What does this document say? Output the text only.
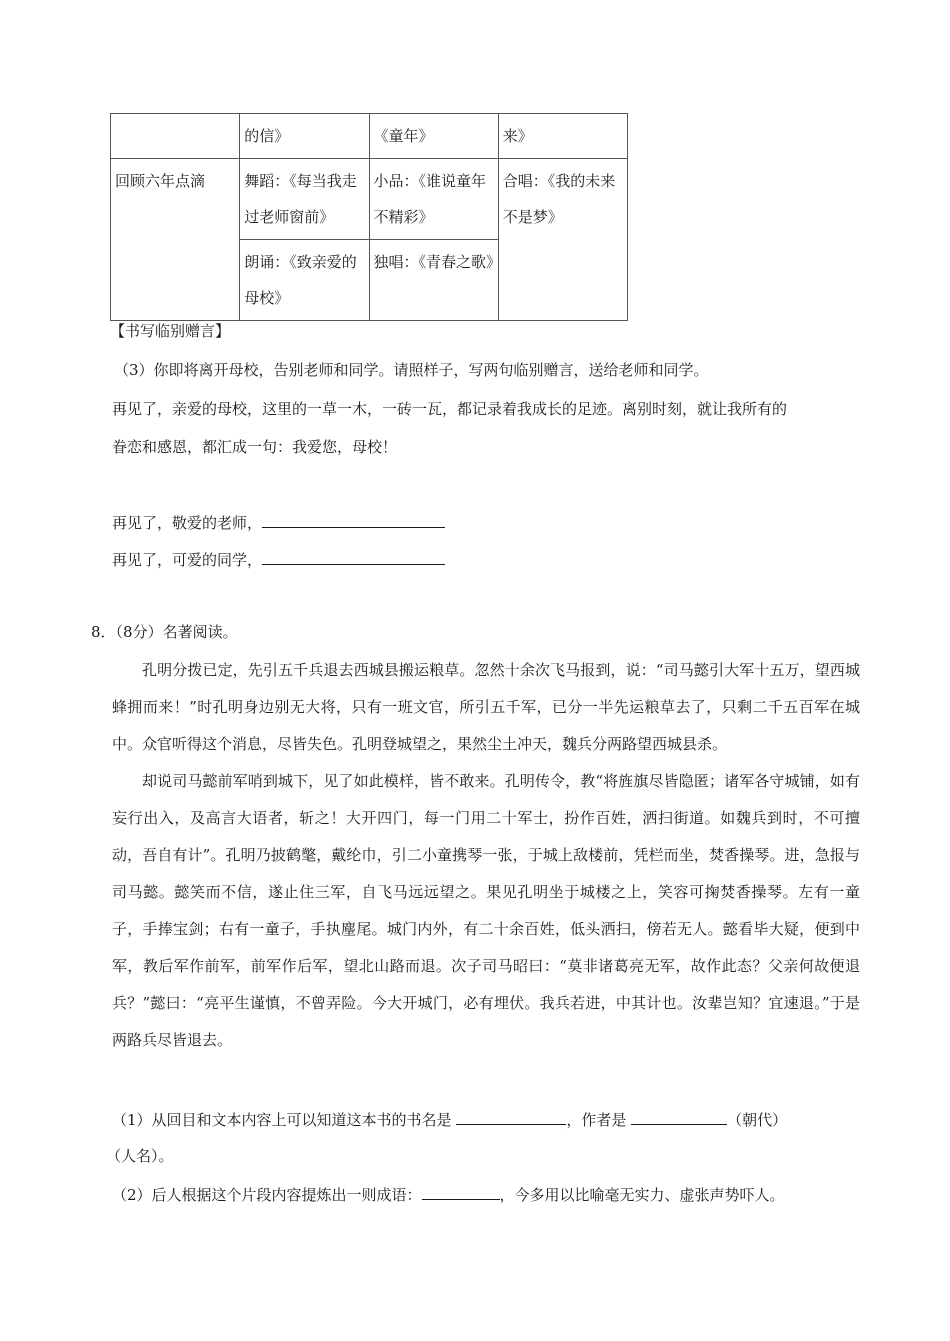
	的信》	《童年》	来》
回顾六年点滴	舞蹈：《每当我走过老师窗前》	小品：《谁说童年不精彩》	合唱：《我的未来不是梦》
	朗诵：《致亲爱的母校》	独唱：《青春之歌》	
【书写临别赠言】
（3）你即将离开母校，告别老师和同学。请照样子，写两句临别赠言，送给老师和同学。
再见了，亲爱的母校，这里的一草一木，一砖一瓦，都记录着我成长的足迹。离别时刻，就让我所有的
眷恋和感恩，都汇成一句：我爱您，母校！
再见了，敬爱的老师，
再见了，可爱的同学，
8．（8分）名著阅读。

孔明分拨已定，先引五千兵退去西城县搬运粮草。忽然十余次飞马报到，说：“司马懿引大军十五万，望西城蜂拥而来！”时孔明身边别无大将，只有一班文官，所引五千军，已分一半先运粮草去了，只剩二千五百军在城中。众官听得这个消息，尽皆失色。孔明登城望之，果然尘土冲天，魏兵分两路望西城县杀。

却说司马懿前军哨到城下，见了如此模样，皆不敢来。孔明传令，教“将旌旗尽皆隐匿；诸军各守城铺，如有妄行出入，及高言大语者，斩之！大开四门，每一门用二十军士，扮作百姓，洒扫街道。如魏兵到时，不可擅动，吾自有计”。孔明乃披鹤氅，戴纶巾，引二小童携琴一张，于城上敌楼前，凭栏而坐，焚香操琴。进，急报与司马懿。懿笑而不信，遂止住三军，自飞马远远望之。果见孔明坐于城楼之上，笑容可掬焚香操琴。左有一童子，手捧宝剑；右有一童子，手执麈尾。城门内外，有二十余百姓，低头洒扫，傍若无人。懿看毕大疑，便到中军，教后军作前军，前军作后军，望北山路而退。次子司马昭曰：“莫非诸葛亮无军，故作此态？父亲何故便退兵？”懿曰：“亮平生谨慎，不曾弄险。今大开城门，必有埋伏。我兵若进，中其计也。汝辈岂知？宜速退。”于是两路兵尽皆退去。

（1）从回目和文本内容上可以知道这本书的书名是	，作者是	（朝代）
（人名）。
（2）后人根据这个片段内容提炼出一则成语：	，今多用以比喻毫无实力、虚张声势吓人。
